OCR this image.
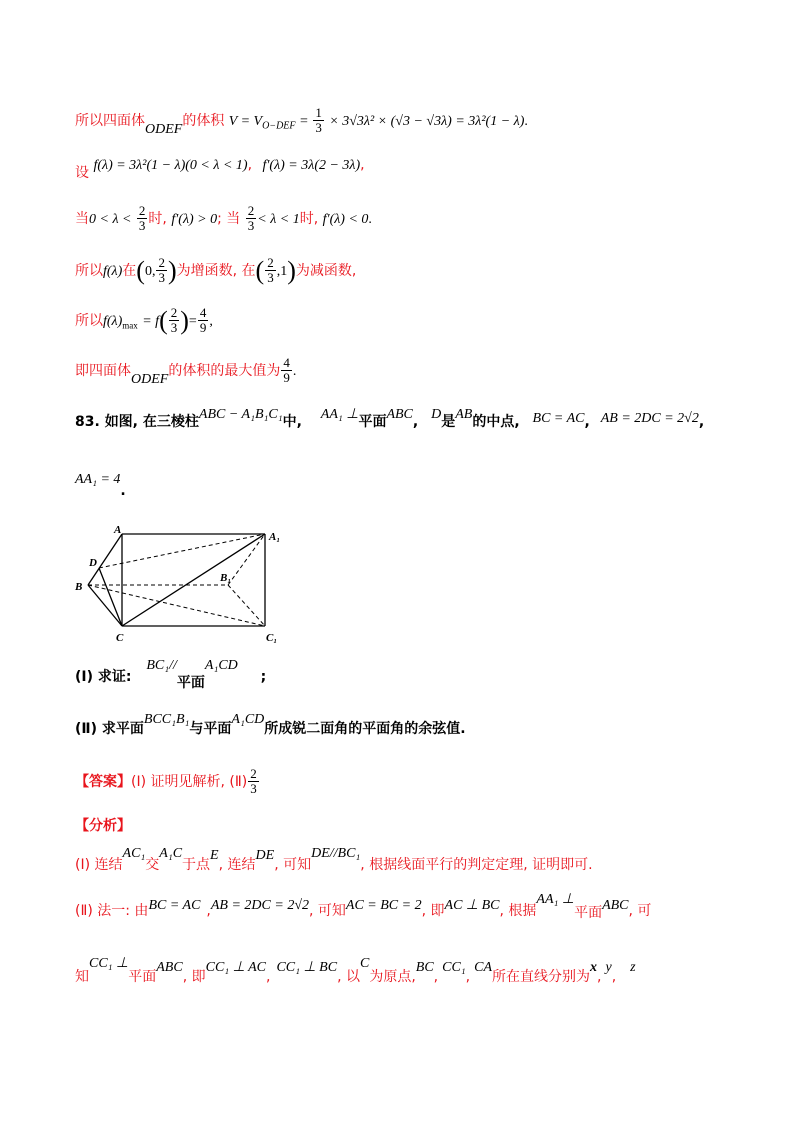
所以四面体ODEF的体积 $V = V_{O-DEF} = \frac{1}{3} \times 3√3\lambda^2 \times (√3 - √3\lambda) = 3\lambda^2(1 - \lambda)$.
设 f(λ) = 3λ²(1 − λ)(0 < λ < 1), f′(λ) = 3λ(2 − 3λ),
当$0 < \lambda < \frac{2}{3}$ 时, f′(λ) > 0; 当 $\frac{2}{3} < \lambda < 1$时, f′(λ) < 0.
所以f(λ)在(0, $\frac{2}{3}$ )为增函数, 在( $\frac{2}{3} ,1$)为减函数,
所以$f(\lambda)_{max} = f( \frac{2}{3}$ )= $\frac{4}{9}$ ,
即四面体ODEF的体积的最大值为 $\frac{4}{9}$ .
83. 如图, 在三棱柱ABC − A₁B₁C₁中, AA₁ ⊥平面ABC, D是AB的中点, BC = AC, AB = 2DC = 2√2,
AA₁ = 4.
A
A₁
D
B
B₁
C	C₁
(Ⅰ) 求证: BC₁//平面A₁CD ;
(Ⅱ) 求平面BCC₁B₁与平面A₁CD所成锐二面角的平面角的余弦值.
【答案】(Ⅰ) 证明见解析, (Ⅱ) $\frac{2}{3}$
【分析】
(Ⅰ) 连结AC₁交A₁C于点E, 连结DE, 可知DE//BC₁, 根据线面平行的判定定理, 证明即可.
(Ⅱ) 法一: 由BC = AC ,AB = 2DC = 2√2, 可知AC = BC = 2, 即AC ⊥ BC, 根据AA₁ ⊥平面ABC, 可
知CC₁ ⊥平面ABC, 即CC₁ ⊥ AC,CC₁ ⊥ BC, 以C为原点,BC,CC₁,CA所在直线分别为x,y,z
